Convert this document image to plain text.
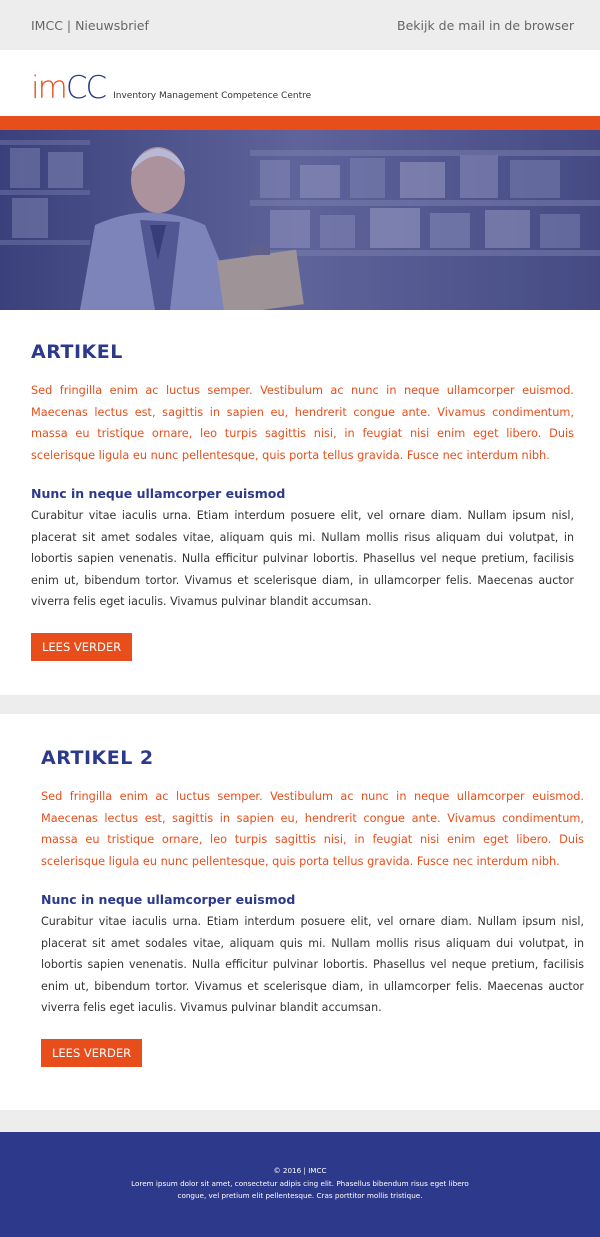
IMCC | Nieuwsbrief	Bekijk de mail in de browser
imCC Inventory Management Competence Centre
ARTIKEL

Sed fringilla enim ac luctus semper. Vestibulum ac nunc in neque ullamcorper euismod. Maecenas lectus est, sagittis in sapien eu, hendrerit congue ante. Vivamus condimentum, massa eu tristique ornare, leo turpis sagittis nisi, in feugiat nisi enim eget libero. Duis scelerisque ligula eu nunc pellentesque, quis porta tellus gravida. Fusce nec interdum nibh.

Nunc in neque ullamcorper euismod

Curabitur vitae iaculis urna. Etiam interdum posuere elit, vel ornare diam. Nullam ipsum nisl, placerat sit amet sodales vitae, aliquam quis mi. Nullam mollis risus aliquam dui volutpat, in lobortis sapien venenatis. Nulla efficitur pulvinar lobortis. Phasellus vel neque pretium, facilisis enim ut, bibendum tortor. Vivamus et scelerisque diam, in ullamcorper felis. Maecenas auctor viverra felis eget iaculis. Vivamus pulvinar blandit accumsan.

LEES VERDER
ARTIKEL 2

Sed fringilla enim ac luctus semper. Vestibulum ac nunc in neque ullamcorper euismod. Maecenas lectus est, sagittis in sapien eu, hendrerit congue ante. Vivamus condimentum, massa eu tristique ornare, leo turpis sagittis nisi, in feugiat nisi enim eget libero. Duis scelerisque ligula eu nunc pellentesque, quis porta tellus gravida. Fusce nec interdum nibh.

Nunc in neque ullamcorper euismod

Curabitur vitae iaculis urna. Etiam interdum posuere elit, vel ornare diam. Nullam ipsum nisl, placerat sit amet sodales vitae, aliquam quis mi. Nullam mollis risus aliquam dui volutpat, in lobortis sapien venenatis. Nulla efficitur pulvinar lobortis. Phasellus vel neque pretium, facilisis enim ut, bibendum tortor. Vivamus et scelerisque diam, in ullamcorper felis. Maecenas auctor viverra felis eget iaculis. Vivamus pulvinar blandit accumsan.

LEES VERDER

© 2016 | IMCC

Lorem ipsum dolor sit amet, consectetur adipis cing elit. Phasellus bibendum risus eget libero congue, vel pretium elit pellentesque. Cras porttitor mollis tristique.
